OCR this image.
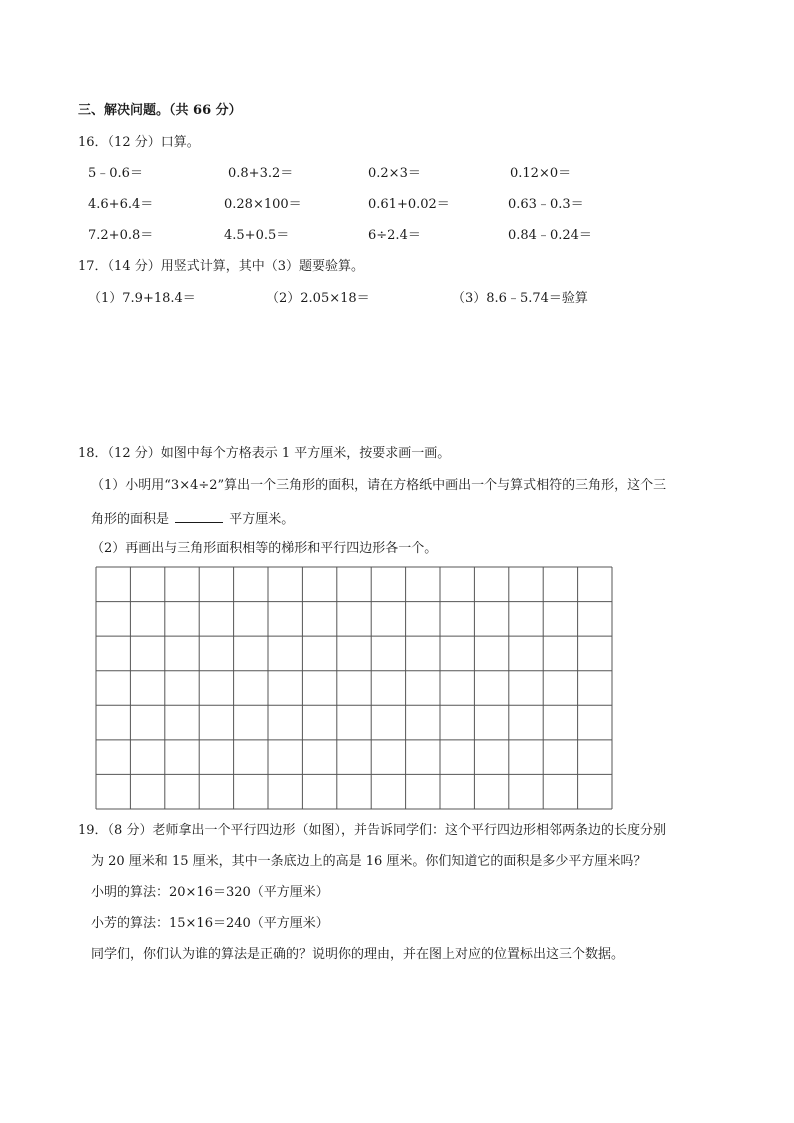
三、解决问题。（共 66 分）
16．（12 分）口算。
5﹣0.6＝	0.8+3.2＝	0.2×3＝	0.12×0＝
4.6+6.4＝	0.28×100＝	0.61+0.02＝	0.63﹣0.3＝
7.2+0.8＝	4.5+0.5＝	6÷2.4＝	0.84﹣0.24＝
17．（14 分）用竖式计算，其中（3）题要验算。
（1）7.9+18.4＝	（2）2.05×18＝	（3）8.6﹣5.74＝验算
18．（12 分）如图中每个方格表示 1 平方厘米，按要求画一画。
（1）小明用“3×4÷2”算出一个三角形的面积，请在方格纸中画出一个与算式相符的三角形，这个三
角形的面积是	平方厘米。
（2）再画出与三角形面积相等的梯形和平行四边形各一个。
19．（8 分）老师拿出一个平行四边形（如图），并告诉同学们：这个平行四边形相邻两条边的长度分别
为 20 厘米和 15 厘米，其中一条底边上的高是 16 厘米。你们知道它的面积是多少平方厘米吗？
小明的算法：20×16＝320（平方厘米）
小芳的算法：15×16＝240（平方厘米）
同学们，你们认为谁的算法是正确的？说明你的理由，并在图上对应的位置标出这三个数据。
